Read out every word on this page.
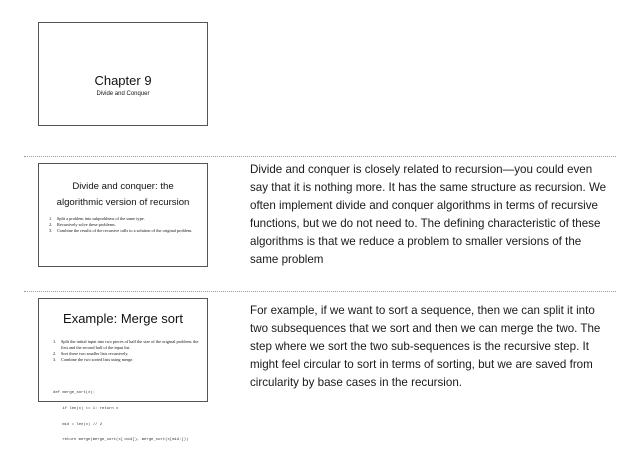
Chapter 9
Divide and Conquer
Divide and conquer: the
algorithmic version of recursion
1.	Split a problem into subproblems of the same type.
2.	Recursively solve these problems.
3.	Combine the results of the recursive calls to a solution of the original problem.

Divide and conquer is closely related to recursion—you could even say that it is nothing more. It has the same structure as recursion. We often implement divide and conquer algorithms in terms of recursive functions, but we do not need to. The defining characteristic of these algorithms is that we reduce a problem to smaller versions of the same problem

Example: Merge sort
1.	Split the initial input into two pieces of half the size of the original problem: the first and the second half of the input list.
2.	Sort these two smaller lists recursively.
3.	Combine the two sorted lists using merge.

def merge_sort(x):

if len(x) <= 1: return x

mid = len(x) // 2

return merge(merge_sort(x[:mid]), merge_sort(x[mid:]))

For example, if we want to sort a sequence, then we can split it into two subsequences that we sort and then we can merge the two. The step where we sort the two sub-sequences is the recursive step. It might feel circular to sort in terms of sorting, but we are saved from circularity by base cases in the recursion.
